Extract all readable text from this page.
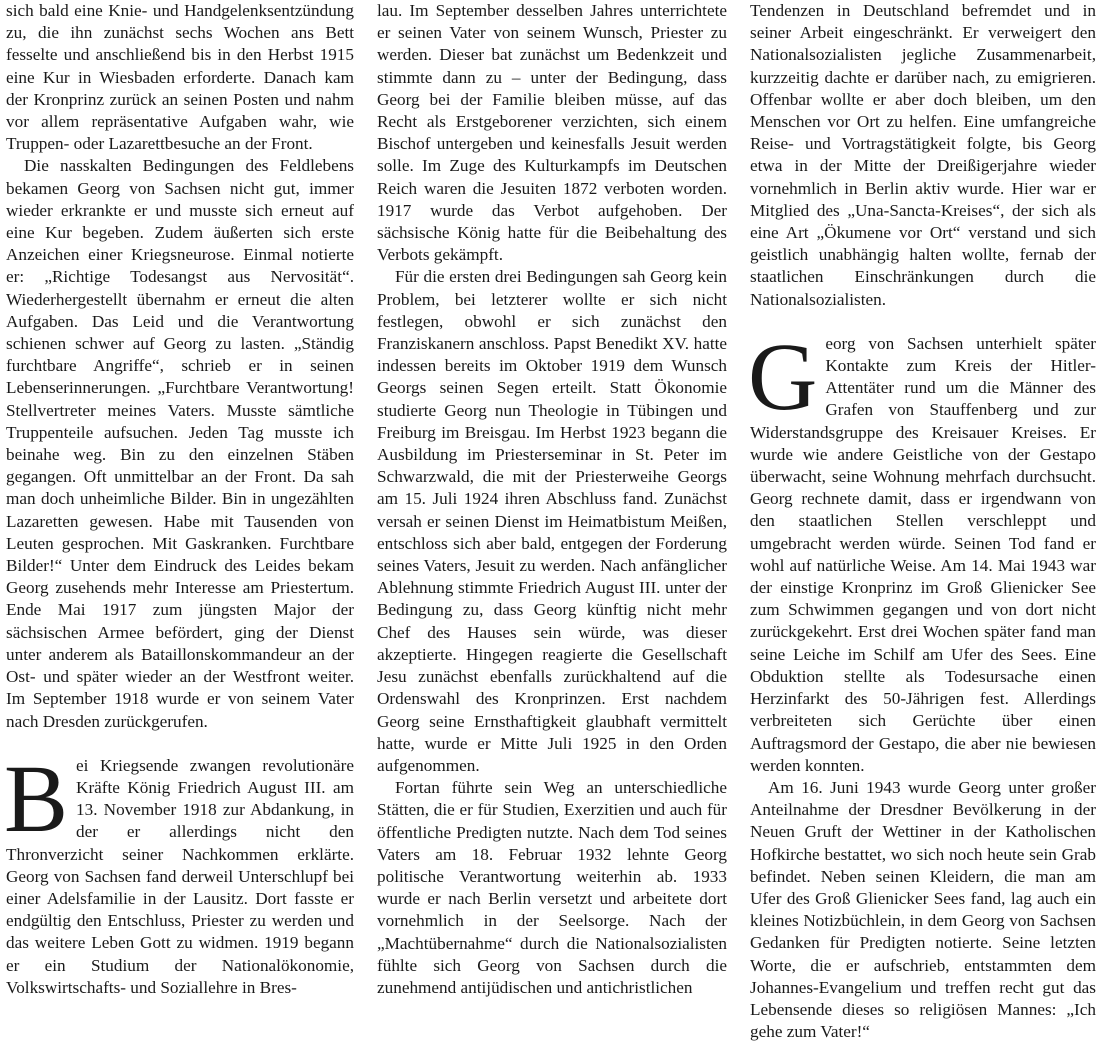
sich bald eine Knie- und Handgelenksentzündung zu, die ihn zunächst sechs Wochen ans Bett fesselte und anschließend bis in den Herbst 1915 eine Kur in Wiesbaden erforderte. Danach kam der Kronprinz zurück an seinen Posten und nahm vor allem repräsentative Aufgaben wahr, wie Truppen- oder Lazarettbesuche an der Front.

Die nasskalten Bedingungen des Feldlebens bekamen Georg von Sachsen nicht gut, immer wieder erkrankte er und musste sich erneut auf eine Kur begeben. Zudem äußerten sich erste Anzeichen einer Kriegsneurose. Einmal notierte er: „Richtige Todesangst aus Nervosität“. Wiederhergestellt übernahm er erneut die alten Aufgaben. Das Leid und die Verantwortung schienen schwer auf Georg zu lasten. „Ständig furchtbare Angriffe“, schrieb er in seinen Lebenserinnerungen. „Furchtbare Verantwortung! Stellvertreter meines Vaters. Musste sämtliche Truppenteile aufsuchen. Jeden Tag musste ich beinahe weg. Bin zu den einzelnen Stäben gegangen. Oft unmittelbar an der Front. Da sah man doch unheimliche Bilder. Bin in ungezählten Lazaretten gewesen. Habe mit Tausenden von Leuten gesprochen. Mit Gaskranken. Furchtbare Bilder!“ Unter dem Eindruck des Leides bekam Georg zusehends mehr Interesse am Priestertum. Ende Mai 1917 zum jüngsten Major der sächsischen Armee befördert, ging der Dienst unter anderem als Bataillonskommandeur an der Ost- und später wieder an der Westfront weiter. Im September 1918 wurde er von seinem Vater nach Dresden zurückgerufen.

Bei Kriegsende zwangen revolutionäre Kräfte König Friedrich August III. am 13. November 1918 zur Abdankung, in der er allerdings nicht den Thronverzicht seiner Nachkommen erklärte. Georg von Sachsen fand derweil Unterschlupf bei einer Adelsfamilie in der Lausitz. Dort fasste er endgültig den Entschluss, Priester zu werden und das weitere Leben Gott zu widmen. 1919 begann er ein Studium der Nationalökonomie, Volkswirtschafts- und Soziallehre in Bres-

lau. Im September desselben Jahres unterrichtete er seinen Vater von seinem Wunsch, Priester zu werden. Dieser bat zunächst um Bedenkzeit und stimmte dann zu – unter der Bedingung, dass Georg bei der Familie bleiben müsse, auf das Recht als Erstgeborener verzichten, sich einem Bischof untergeben und keinesfalls Jesuit werden solle. Im Zuge des Kulturkampfs im Deutschen Reich waren die Jesuiten 1872 verboten worden. 1917 wurde das Verbot aufgehoben. Der sächsische König hatte für die Beibehaltung des Verbots gekämpft.

Für die ersten drei Bedingungen sah Georg kein Problem, bei letzterer wollte er sich nicht festlegen, obwohl er sich zunächst den Franziskanern anschloss. Papst Benedikt XV. hatte indessen bereits im Oktober 1919 dem Wunsch Georgs seinen Segen erteilt. Statt Ökonomie studierte Georg nun Theologie in Tübingen und Freiburg im Breisgau. Im Herbst 1923 begann die Ausbildung im Priesterseminar in St. Peter im Schwarzwald, die mit der Priesterweihe Georgs am 15. Juli 1924 ihren Abschluss fand. Zunächst versah er seinen Dienst im Heimatbistum Meißen, entschloss sich aber bald, entgegen der Forderung seines Vaters, Jesuit zu werden. Nach anfänglicher Ablehnung stimmte Friedrich August III. unter der Bedingung zu, dass Georg künftig nicht mehr Chef des Hauses sein würde, was dieser akzeptierte. Hingegen reagierte die Gesellschaft Jesu zunächst ebenfalls zurückhaltend auf die Ordenswahl des Kronprinzen. Erst nachdem Georg seine Ernsthaftigkeit glaubhaft vermittelt hatte, wurde er Mitte Juli 1925 in den Orden aufgenommen.

Fortan führte sein Weg an unterschiedliche Stätten, die er für Studien, Exerzitien und auch für öffentliche Predigten nutzte. Nach dem Tod seines Vaters am 18. Februar 1932 lehnte Georg politische Verantwortung weiterhin ab. 1933 wurde er nach Berlin versetzt und arbeitete dort vornehmlich in der Seelsorge. Nach der „Machtübernahme“ durch die Nationalsozialisten fühlte sich Georg von Sachsen durch die zunehmend antijüdischen und antichristlichen

Tendenzen in Deutschland befremdet und in seiner Arbeit eingeschränkt. Er verweigert den Nationalsozialisten jegliche Zusammenarbeit, kurzzeitig dachte er darüber nach, zu emigrieren. Offenbar wollte er aber doch bleiben, um den Menschen vor Ort zu helfen. Eine umfangreiche Reise- und Vortragstätigkeit folgte, bis Georg etwa in der Mitte der Dreißigerjahre wieder vornehmlich in Berlin aktiv wurde. Hier war er Mitglied des „Una-Sancta-Kreises“, der sich als eine Art „Ökumene vor Ort“ verstand und sich geistlich unabhängig halten wollte, fernab der staatlichen Einschränkungen durch die Nationalsozialisten.

Georg von Sachsen unterhielt später Kontakte zum Kreis der Hitler-Attentäter rund um die Männer des Grafen von Stauffenberg und zur Widerstandsgruppe des Kreisauer Kreises. Er wurde wie andere Geistliche von der Gestapo überwacht, seine Wohnung mehrfach durchsucht. Georg rechnete damit, dass er irgendwann von den staatlichen Stellen verschleppt und umgebracht werden würde. Seinen Tod fand er wohl auf natürliche Weise. Am 14. Mai 1943 war der einstige Kronprinz im Groß Glienicker See zum Schwimmen gegangen und von dort nicht zurückgekehrt. Erst drei Wochen später fand man seine Leiche im Schilf am Ufer des Sees. Eine Obduktion stellte als Todesursache einen Herzinfarkt des 50-Jährigen fest. Allerdings verbreiteten sich Gerüchte über einen Auftragsmord der Gestapo, die aber nie bewiesen werden konnten.

Am 16. Juni 1943 wurde Georg unter großer Anteilnahme der Dresdner Bevölkerung in der Neuen Gruft der Wettiner in der Katholischen Hofkirche bestattet, wo sich noch heute sein Grab befindet. Neben seinen Kleidern, die man am Ufer des Groß Glienicker Sees fand, lag auch ein kleines Notizbüchlein, in dem Georg von Sachsen Gedanken für Predigten notierte. Seine letzten Worte, die er aufschrieb, entstammten dem Johannes-Evangelium und treffen recht gut das Lebensende dieses so religiösen Mannes: „Ich gehe zum Vater!“
